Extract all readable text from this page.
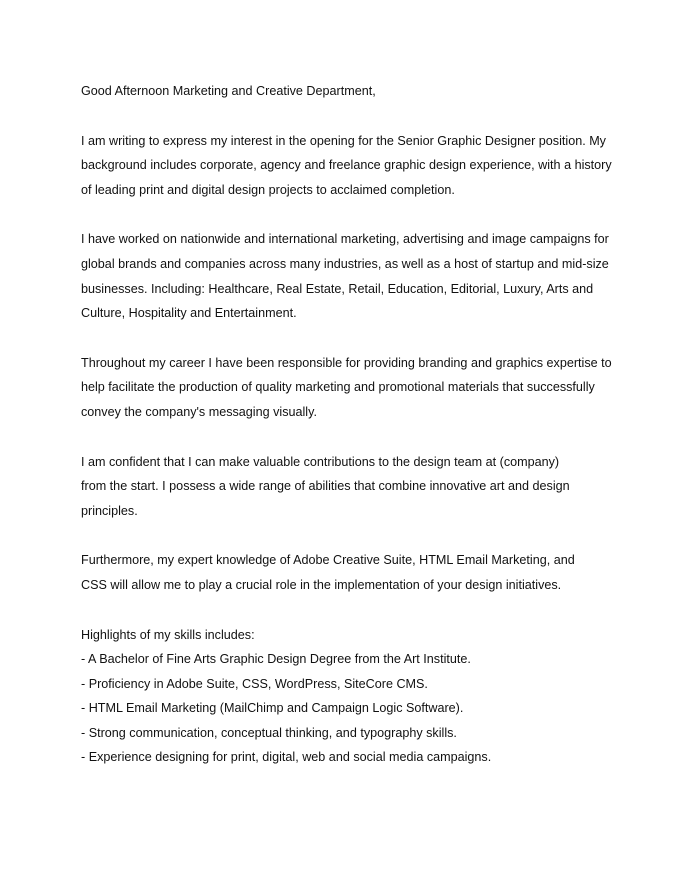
Good Afternoon Marketing and Creative Department,

I am writing to express my interest in the opening for the Senior Graphic Designer position. My
background includes corporate, agency and freelance graphic design experience, with a history
of leading print and digital design projects to acclaimed completion.

I have worked on nationwide and international marketing, advertising and image campaigns for
global brands and companies across many industries, as well as a host of startup and mid-size
businesses. Including: Healthcare, Real Estate, Retail, Education, Editorial, Luxury, Arts and
Culture, Hospitality and Entertainment.

Throughout my career I have been responsible for providing branding and graphics expertise to
help facilitate the production of quality marketing and promotional materials that successfully
convey the company's messaging visually.

I am confident that I can make valuable contributions to the design team at (company)
from the start. I possess a wide range of abilities that combine innovative art and design
principles.

Furthermore, my expert knowledge of Adobe Creative Suite, HTML Email Marketing, and
CSS will allow me to play a crucial role in the implementation of your design initiatives.

Highlights of my skills includes:
- A Bachelor of Fine Arts Graphic Design Degree from the Art Institute.
- Proficiency in Adobe Suite, CSS, WordPress, SiteCore CMS.
- HTML Email Marketing (MailChimp and Campaign Logic Software).
- Strong communication, conceptual thinking, and typography skills.
- Experience designing for print, digital, web and social media campaigns.
